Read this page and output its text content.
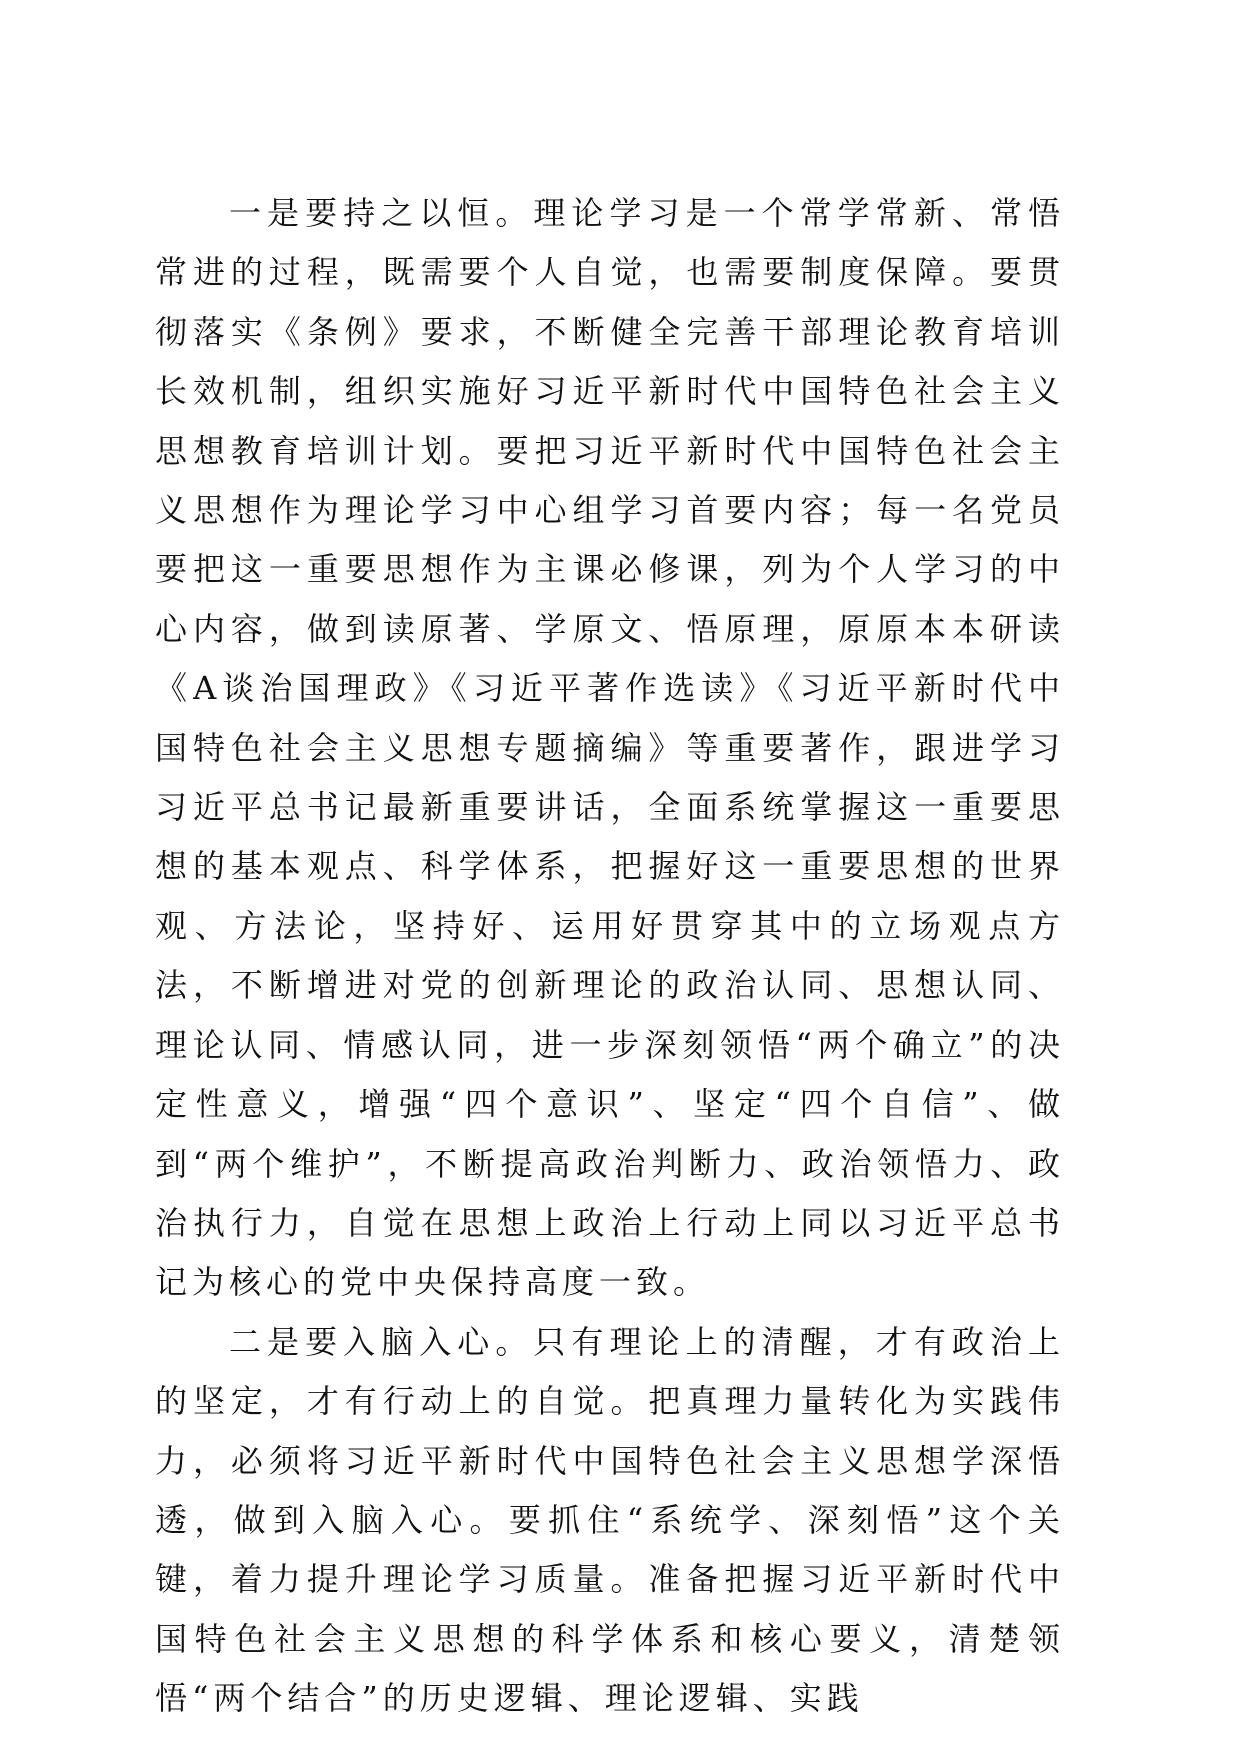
一是要持之以恒。理论学习是一个常学常新、常悟常进的过程，既需要个人自觉，也需要制度保障。要贯彻落实《条例》要求，不断健全完善干部理论教育培训长效机制，组织实施好习近平新时代中国特色社会主义思想教育培训计划。要把习近平新时代中国特色社会主义思想作为理论学习中心组学习首要内容；每一名党员要把这一重要思想作为主课必修课，列为个人学习的中心内容，做到读原著、学原文、悟原理，原原本本研读《A谈治国理政》《习近平著作选读》《习近平新时代中国特色社会主义思想专题摘编》等重要著作，跟进学习习近平总书记最新重要讲话，全面系统掌握这一重要思想的基本观点、科学体系，把握好这一重要思想的世界观、方法论，坚持好、运用好贯穿其中的立场观点方法，不断增进对党的创新理论的政治认同、思想认同、理论认同、情感认同，进一步深刻领悟“两个确立”的决定性意义，增强“四个意识”、坚定“四个自信”、做到“两个维护”，不断提高政治判断力、政治领悟力、政治执行力，自觉在思想上政治上行动上同以习近平总书记为核心的党中央保持高度一致。

二是要入脑入心。只有理论上的清醒，才有政治上的坚定，才有行动上的自觉。把真理力量转化为实践伟力，必须将习近平新时代中国特色社会主义思想学深悟透，做到入脑入心。要抓住“系统学、深刻悟”这个关键，着力提升理论学习质量。准备把握习近平新时代中国特色社会主义思想的科学体系和核心要义，清楚领悟“两个结合”的历史逻辑、理论逻辑、实践
